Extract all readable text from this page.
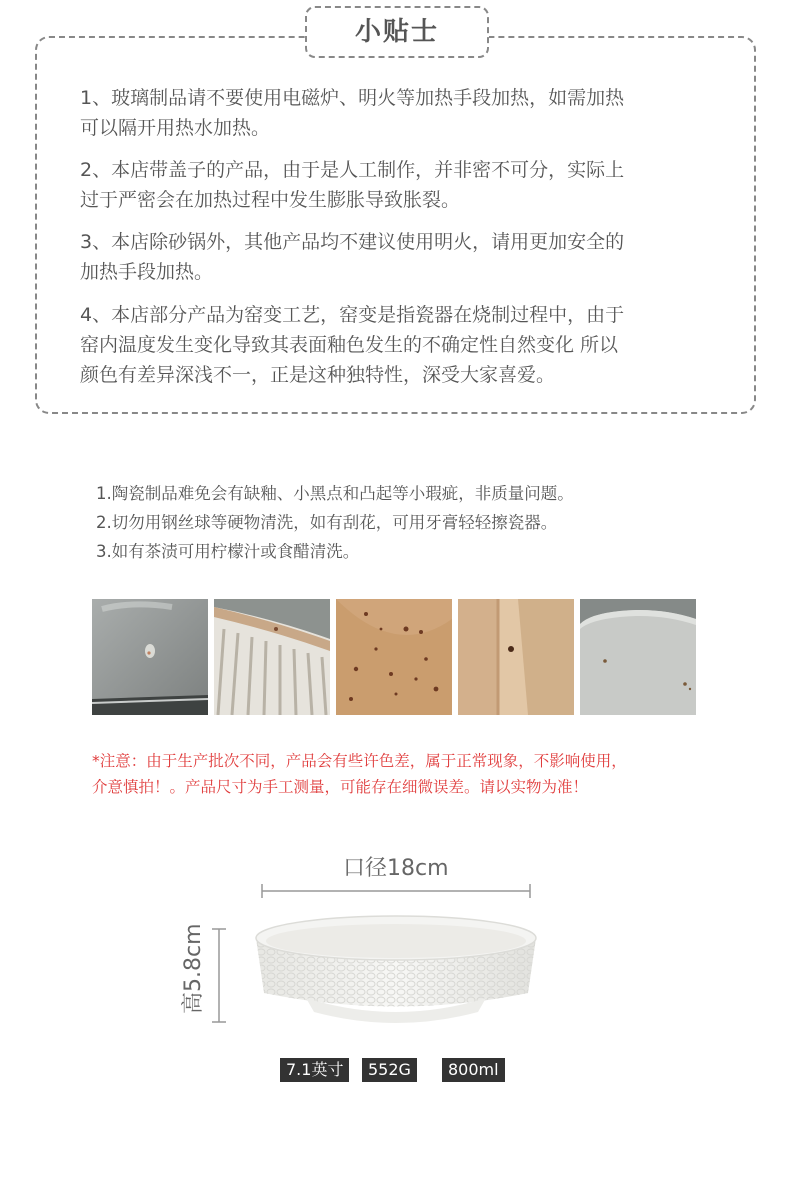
小贴士
1、玻璃制品请不要使用电磁炉、明火等加热手段加热，如需加热
可以隔开用热水加热。
2、本店带盖子的产品，由于是人工制作，并非密不可分，实际上
过于严密会在加热过程中发生膨胀导致胀裂。
3、本店除砂锅外，其他产品均不建议使用明火，请用更加安全的
加热手段加热。
4、本店部分产品为窑变工艺，窑变是指瓷器在烧制过程中，由于
窑内温度发生变化导致其表面釉色发生的不确定性自然变化 所以
颜色有差异深浅不一，正是这种独特性，深受大家喜爱。
1.陶瓷制品难免会有缺釉、小黑点和凸起等小瑕疵，非质量问题。
2.切勿用钢丝球等硬物清洗，如有刮花，可用牙膏轻轻擦瓷器。
3.如有茶渍可用柠檬汁或食醋清洗。
*注意：由于生产批次不同，产品会有些许色差，属于正常现象，不影响使用，
介意慎拍！。产品尺寸为手工测量，可能存在细微误差。请以实物为准！
口径18cm
高5.8cm
7.1英寸	552G	800ml
